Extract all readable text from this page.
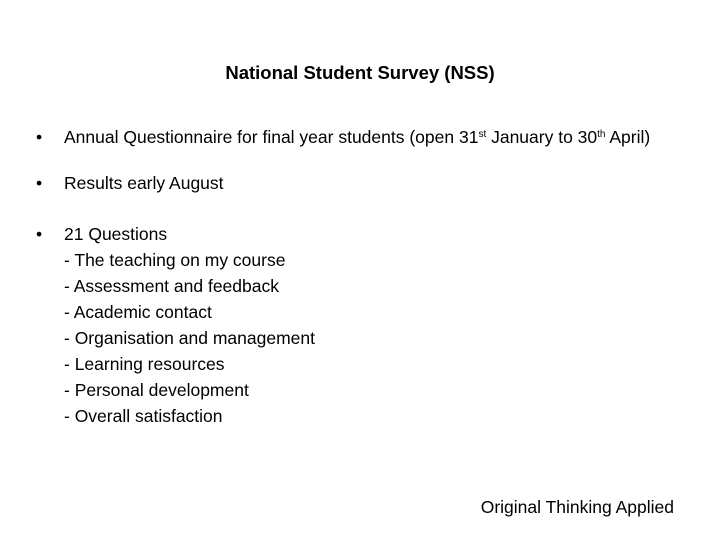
National Student Survey (NSS)
• Annual Questionnaire for final year students (open 31st January to 30th April)
• Results early August
• 21 Questions
- The teaching on my course
- Assessment and feedback
- Academic contact
- Organisation and management
- Learning resources
- Personal development
- Overall satisfaction
Original Thinking Applied
